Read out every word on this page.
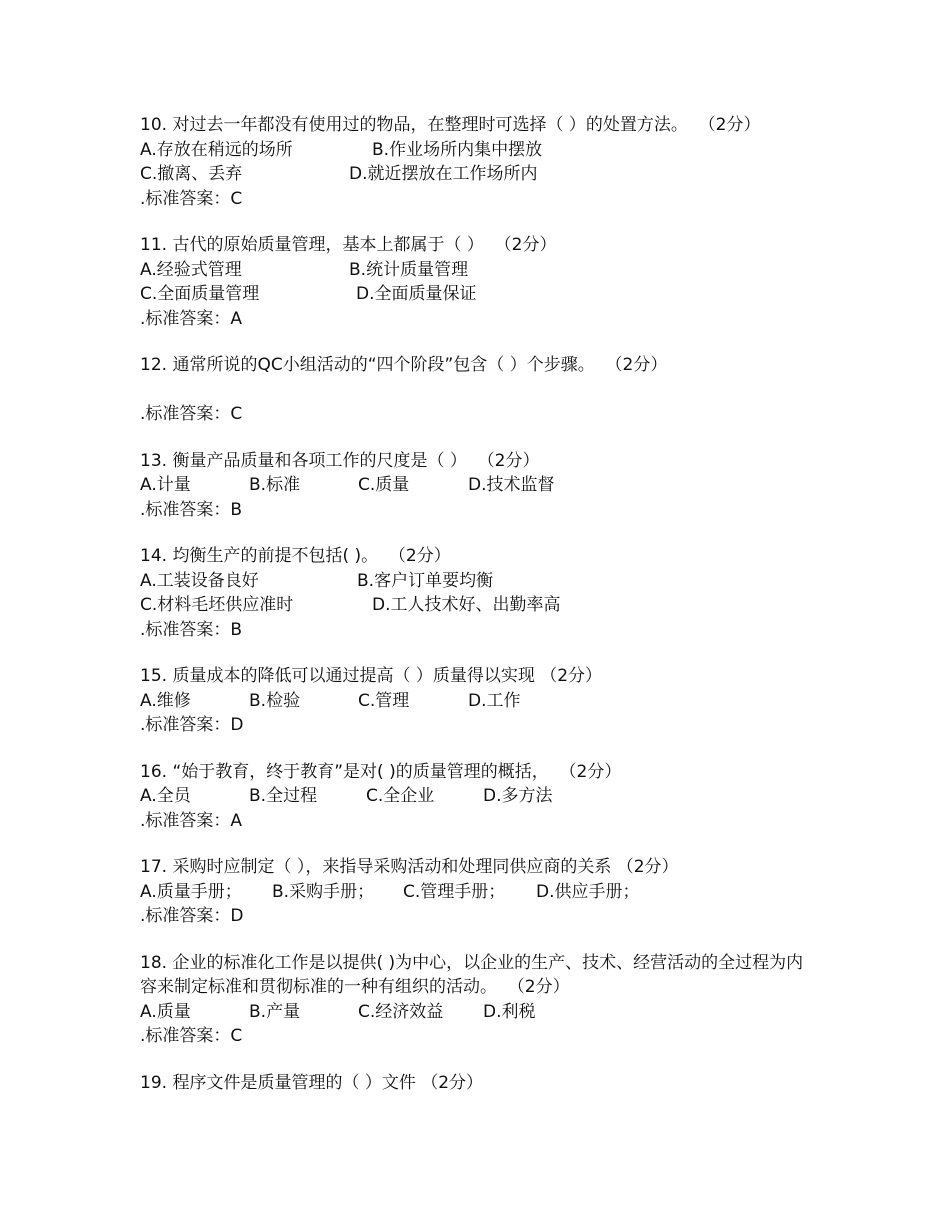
10. 对过去一年都没有使用过的物品，在整理时可选择（ ）的处置方法。  （2分）

A.存放在稍远的场所	B.作业场所内集中摆放
C.撤离、丢弃	D.就近摆放在工作场所内

.标准答案：C

11. 古代的原始质量管理，基本上都属于（ ）  （2分）

A.经验式管理	B.统计质量管理
C.全面质量管理	D.全面质量保证

.标准答案：A

12. 通常所说的QC小组活动的“四个阶段”包含（ ）个步骤。  （2分）

.标准答案：C

13. 衡量产品质量和各项工作的尺度是（ ）  （2分）

A.计量	B.标准	C.质量	D.技术监督

.标准答案：B

14. 均衡生产的前提不包括( )。  （2分）

A.工装设备良好	B.客户订单要均衡
C.材料毛坯供应准时	D.工人技术好、出勤率高

.标准答案：B

15. 质量成本的降低可以通过提高（ ）质量得以实现 （2分）

A.维修	B.检验	C.管理	D.工作

.标准答案：D

16. “始于教育，终于教育”是对( )的质量管理的概括，  （2分）

A.全员	B.全过程	C.全企业	D.多方法

.标准答案：A

17. 采购时应制定（ ），来指导采购活动和处理同供应商的关系 （2分）

A.质量手册；	B.采购手册；	C.管理手册；	D.供应手册；

.标准答案：D

18. 企业的标准化工作是以提供( )为中心，以企业的生产、技术、经营活动的全过程为内容来制定标准和贯彻标准的一种有组织的活动。  （2分）

A.质量	B.产量	C.经济效益	D.利税

.标准答案：C

19. 程序文件是质量管理的（ ）文件 （2分）
